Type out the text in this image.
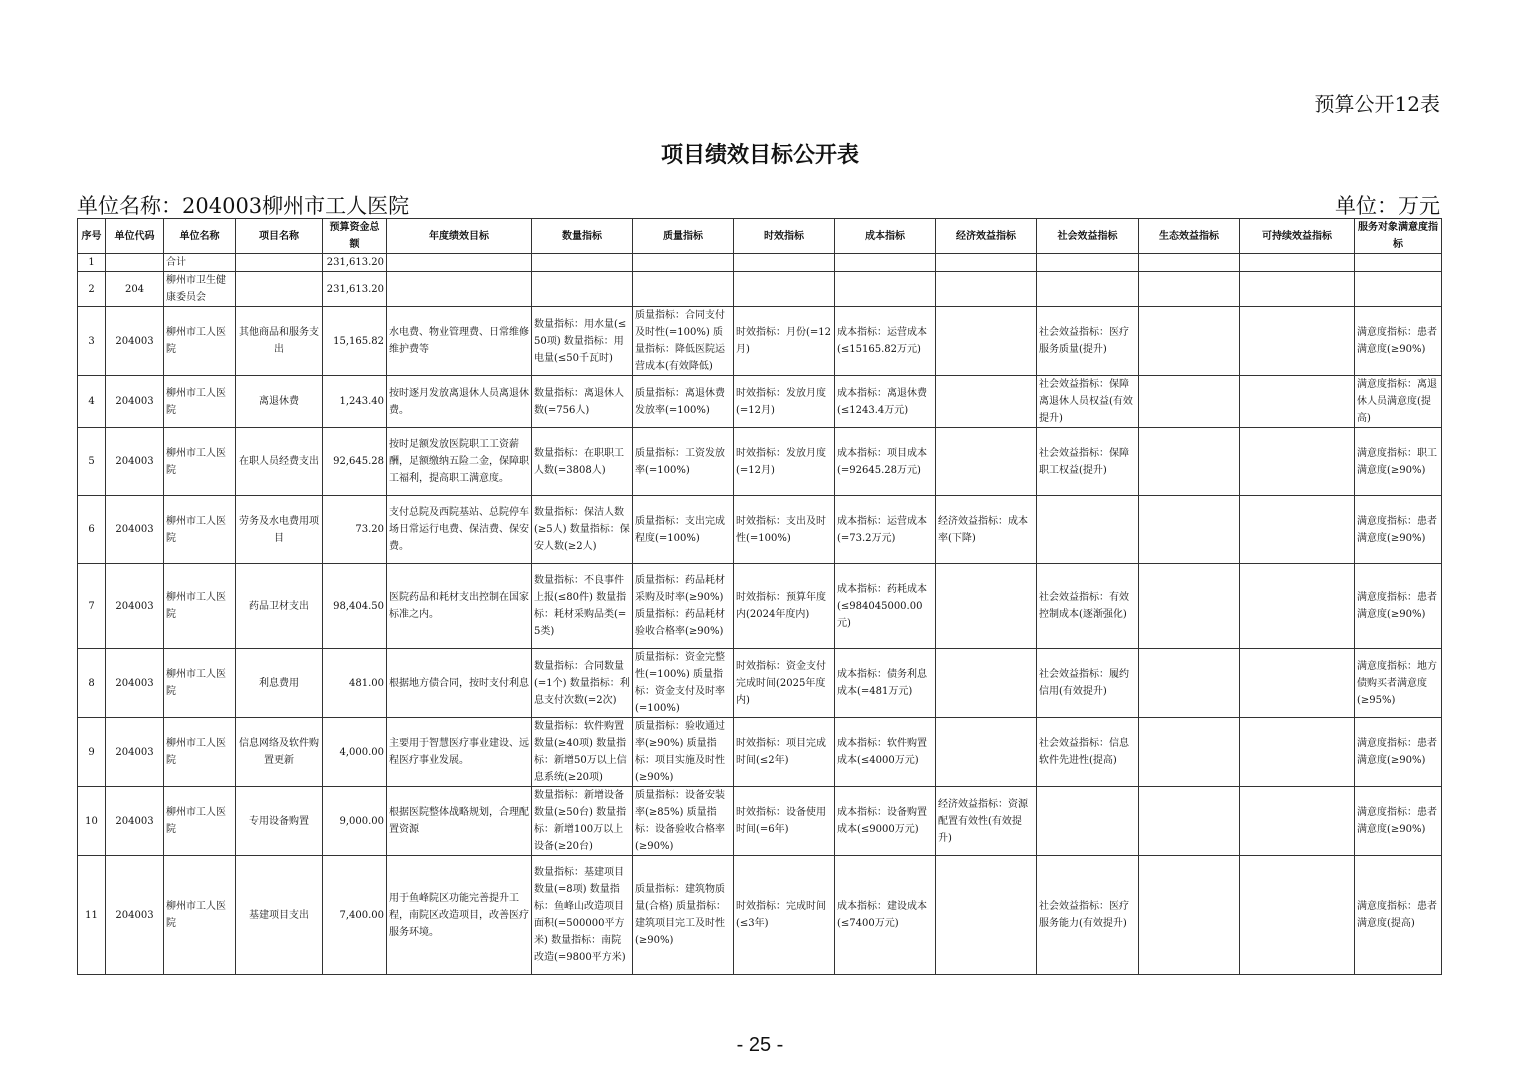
预算公开12表
项目绩效目标公开表
单位名称：204003柳州市工人医院	单位：万元
序号	单位代码	单位名称	项目名称	预算资金总额	年度绩效目标	数量指标	质量指标	时效指标	成本指标	经济效益指标	社会效益指标	生态效益指标	可持续效益指标	服务对象满意度指标
1		合计		231,613.20										
2	204	柳州市卫生健康委员会		231,613.20										
3	204003	柳州市工人医院	其他商品和服务支出	15,165.82	水电费、物业管理费、日常维修维护费等	数量指标：用水量(≤50项) 数量指标：用电量(≤50千瓦时)	质量指标：合同支付及时性(=100%) 质量指标：降低医院运营成本(有效降低)	时效指标：月份(=12月)	成本指标：运营成本(≤15165.82万元)		社会效益指标：医疗服务质量(提升)			满意度指标：患者满意度(≥90%)
4	204003	柳州市工人医院	离退休费	1,243.40	按时逐月发放离退休人员离退休费。	数量指标：离退休人数(=756人)	质量指标：离退休费发放率(=100%)	时效指标：发放月度(=12月)	成本指标：离退休费(≤1243.4万元)		社会效益指标：保障离退休人员权益(有效提升)			满意度指标：离退休人员满意度(提高)
5	204003	柳州市工人医院	在职人员经费支出	92,645.28	按时足额发放医院职工工资薪酬，足额缴纳五险二金，保障职工福利，提高职工满意度。	数量指标：在职职工人数(=3808人)	质量指标：工资发放率(=100%)	时效指标：发放月度(=12月)	成本指标：项目成本(=92645.28万元)		社会效益指标：保障职工权益(提升)			满意度指标：职工满意度(≥90%)
6	204003	柳州市工人医院	劳务及水电费用项目	73.20	支付总院及西院基站、总院停车场日常运行电费、保洁费、保安费。	数量指标：保洁人数(≥5人) 数量指标：保安人数(≥2人)	质量指标：支出完成程度(=100%)	时效指标：支出及时性(=100%)	成本指标：运营成本(=73.2万元)	经济效益指标：成本率(下降)				满意度指标：患者满意度(≥90%)
7	204003	柳州市工人医院	药品卫材支出	98,404.50	医院药品和耗材支出控制在国家标准之内。	数量指标：不良事件上报(≤80件) 数量指标：耗材采购品类(=5类)	质量指标：药品耗材采购及时率(≥90%) 质量指标：药品耗材验收合格率(≥90%)	时效指标：预算年度内(2024年度内)	成本指标：药耗成本(≤984045000.00元)		社会效益指标：有效控制成本(逐渐强化)			满意度指标：患者满意度(≥90%)
8	204003	柳州市工人医院	利息费用	481.00	根据地方债合同，按时支付利息	数量指标：合同数量(=1个) 数量指标：利息支付次数(=2次)	质量指标：资金完整性(=100%) 质量指标：资金支付及时率(=100%)	时效指标：资金支付完成时间(2025年度内)	成本指标：债务利息成本(=481万元)		社会效益指标：履约信用(有效提升)			满意度指标：地方债购买者满意度(≥95%)
9	204003	柳州市工人医院	信息网络及软件购置更新	4,000.00	主要用于智慧医疗事业建设、远程医疗事业发展。	数量指标：软件购置数量(≥40项) 数量指标：新增50万以上信息系统(≥20项)	质量指标：验收通过率(≥90%) 质量指标：项目实施及时性(≥90%)	时效指标：项目完成时间(≤2年)	成本指标：软件购置成本(≤4000万元)		社会效益指标：信息软件先进性(提高)			满意度指标：患者满意度(≥90%)
10	204003	柳州市工人医院	专用设备购置	9,000.00	根据医院整体战略规划，合理配置资源	数量指标：新增设备数量(≥50台) 数量指标：新增100万以上设备(≥20台)	质量指标：设备安装率(≥85%) 质量指标：设备验收合格率(≥90%)	时效指标：设备使用时间(=6年)	成本指标：设备购置成本(≤9000万元)	经济效益指标：资源配置有效性(有效提升)				满意度指标：患者满意度(≥90%)
11	204003	柳州市工人医院	基建项目支出	7,400.00	用于鱼峰院区功能完善提升工程，南院区改造项目，改善医疗服务环境。	数量指标：基建项目数量(=8项) 数量指标：鱼峰山改造项目面积(=500000平方米) 数量指标：南院改造(=9800平方米)	质量指标：建筑物质量(合格) 质量指标：建筑项目完工及时性(≥90%)	时效指标：完成时间(≤3年)	成本指标：建设成本(≤7400万元)		社会效益指标：医疗服务能力(有效提升)			满意度指标：患者满意度(提高)
- 25 -
